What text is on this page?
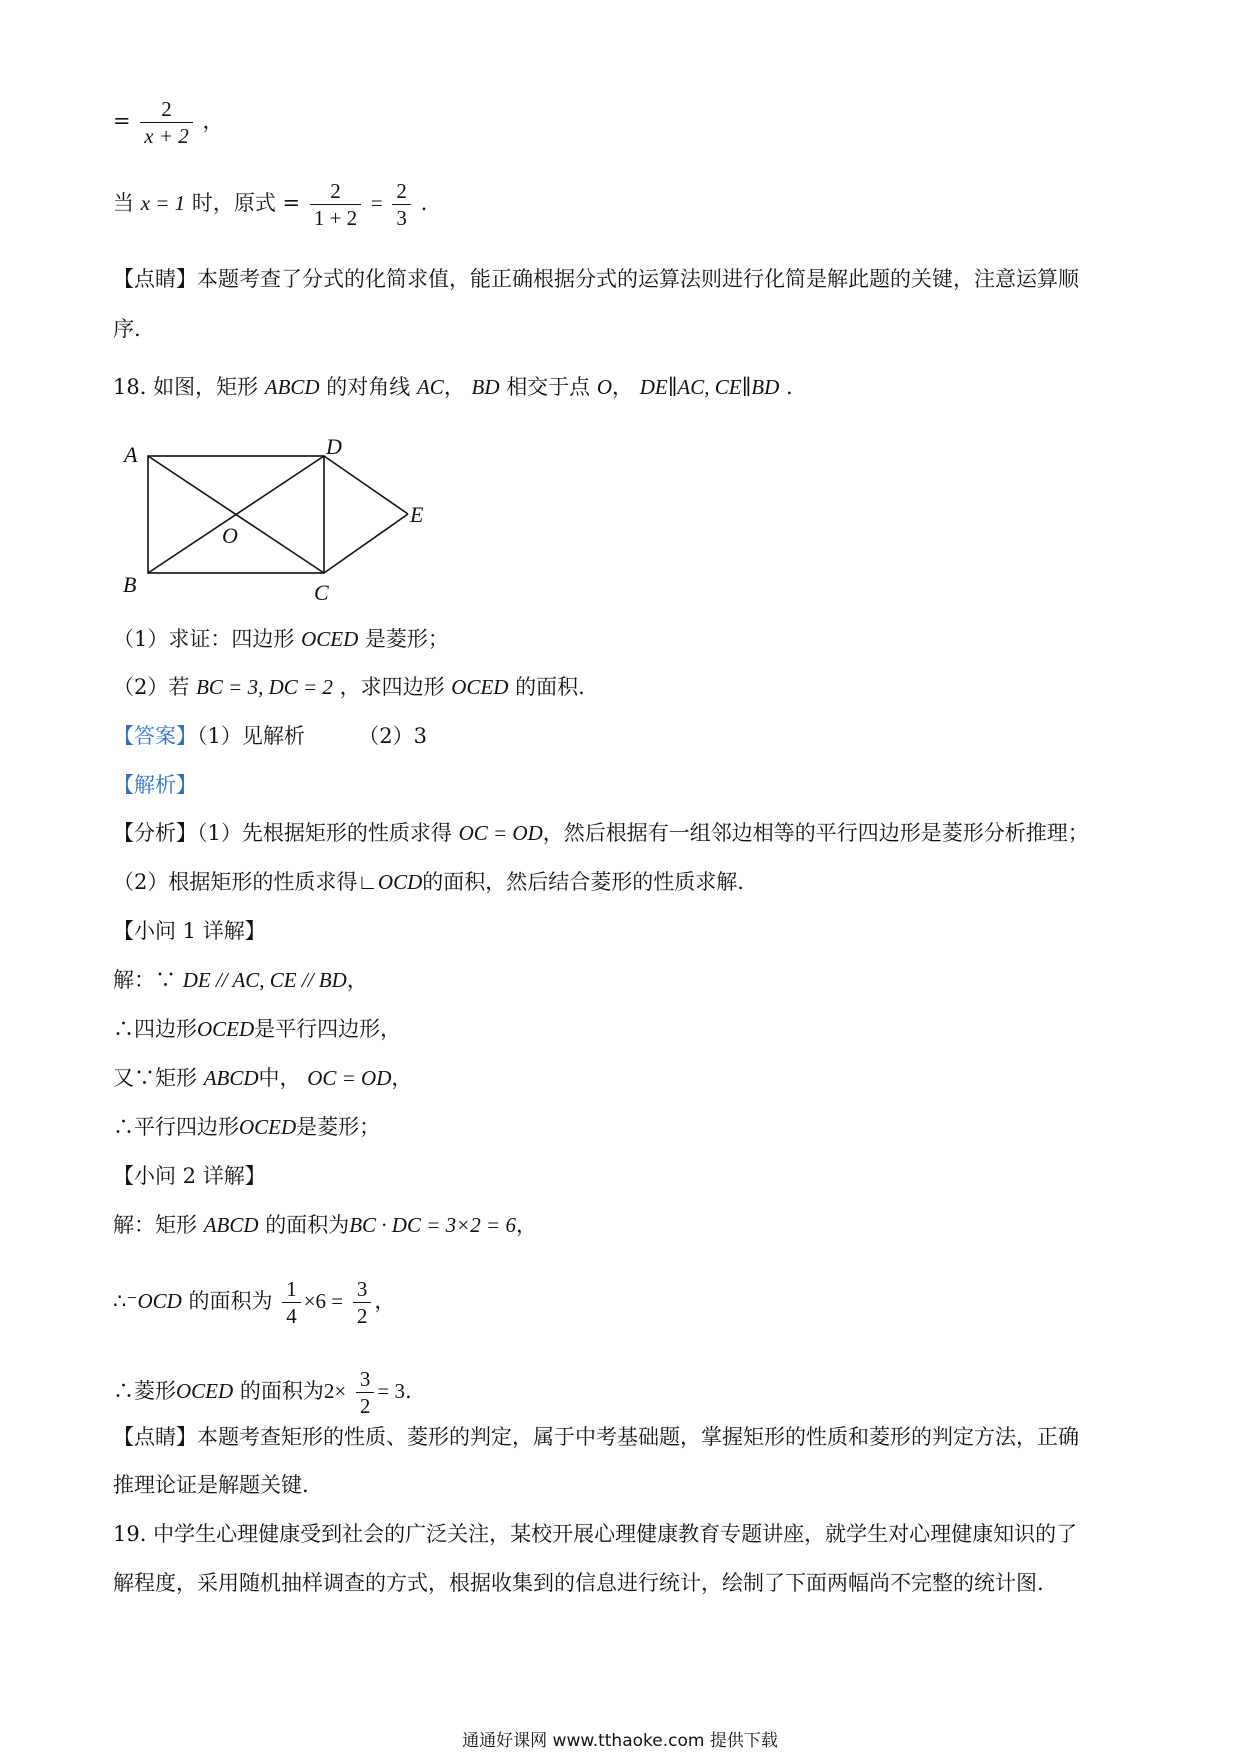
= $\frac{2}{x + 2}$ ，
当 x = 1 时，原式 = $\frac{2}{1 + 2} = \frac{2}{3}$ .
【点睛】本题考查了分式的化简求值，能正确根据分式的运算法则进行化简是解此题的关键，注意运算顺
序.
18. 如图，矩形 ABCD 的对角线 AC， BD 相交于点 O， DE∥AC, CE∥BD .
A
B	C
D
E
O
（1）求证：四边形 OCED 是菱形；
（2）若 BC = 3, DC = 2 ，求四边形 OCED 的面积.
【答案】（1）见解析	（2）3
【解析】
【分析】（1）先根据矩形的性质求得 OC = OD，然后根据有一组邻边相等的平行四边形是菱形分析推理；
（2）根据矩形的性质求得∟OCD的面积，然后结合菱形的性质求解.
【小问 1 详解】
解：∵ DE // AC, CE // BD，
∴四边形OCED是平行四边形，
又∵矩形 ABCD中， OC = OD，
∴平行四边形OCED是菱形；
【小问 2 详解】
解：矩形 ABCD 的面积为BC · DC = 3×2 = 6，
∴⁻OCD 的面积为 $\frac{1}{4} \times 6 = \frac{3}{2}$ ，
∴菱形OCED 的面积为$2\times \frac{3}{2} = 3$.
【点睛】本题考查矩形的性质、菱形的判定，属于中考基础题，掌握矩形的性质和菱形的判定方法，正确
推理论证是解题关键.
19. 中学生心理健康受到社会的广泛关注，某校开展心理健康教育专题讲座，就学生对心理健康知识的了
解程度，采用随机抽样调查的方式，根据收集到的信息进行统计，绘制了下面两幅尚不完整的统计图.
通通好课网 www.tthaoke.com 提供下载
